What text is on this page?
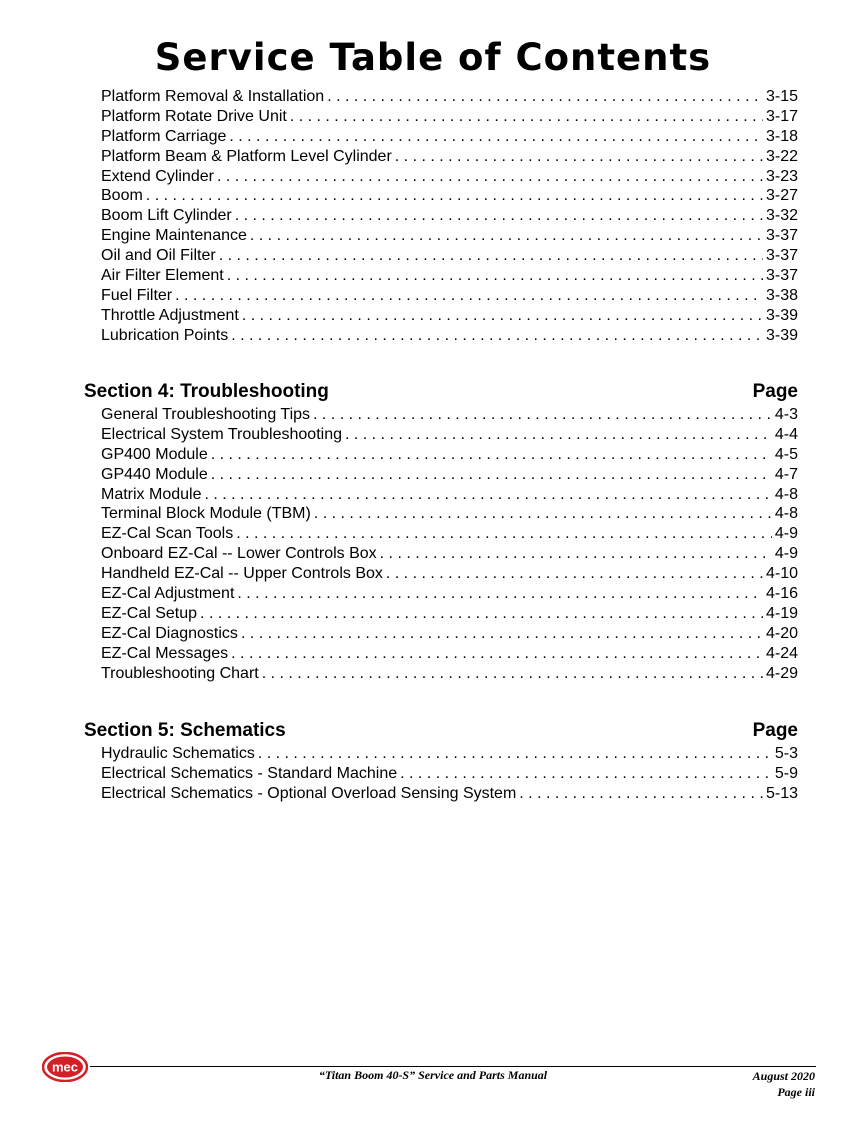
Service Table of Contents
Platform Removal & Installation . . .	3-15
Platform Rotate Drive Unit . . .	3-17
Platform Carriage . . .	3-18
Platform Beam & Platform Level Cylinder . . .	3-22
Extend Cylinder . . .	3-23
Boom . . .	3-27
Boom Lift Cylinder . . .	3-32
Engine Maintenance . . .	3-37
Oil and Oil Filter . . .	3-37
Air Filter Element . . .	3-37
Fuel Filter . . .	3-38
Throttle Adjustment . . .	3-39
Lubrication Points . . .	3-39
Section 4: Troubleshooting	Page
General Troubleshooting Tips . . .	4-3
Electrical System Troubleshooting . . .	4-4
GP400 Module . . .	4-5
GP440 Module . . .	4-7
Matrix Module . . .	4-8
Terminal Block Module (TBM) . . .	4-8
EZ-Cal Scan Tools . . .	4-9
Onboard EZ-Cal -- Lower Controls Box . . .	4-9
Handheld EZ-Cal -- Upper Controls Box . . .	4-10
EZ-Cal Adjustment . . .	4-16
EZ-Cal Setup . . .	4-19
EZ-Cal Diagnostics . . .	4-20
EZ-Cal Messages . . .	4-24
Troubleshooting Chart . . .	4-29
Section 5: Schematics	Page
Hydraulic Schematics . . .	5-3
Electrical Schematics - Standard Machine . . .	5-9
Electrical Schematics - Optional Overload Sensing System . . .	5-13
mec
“Titan Boom 40-S” Service and Parts Manual	August 2020
Page iii
